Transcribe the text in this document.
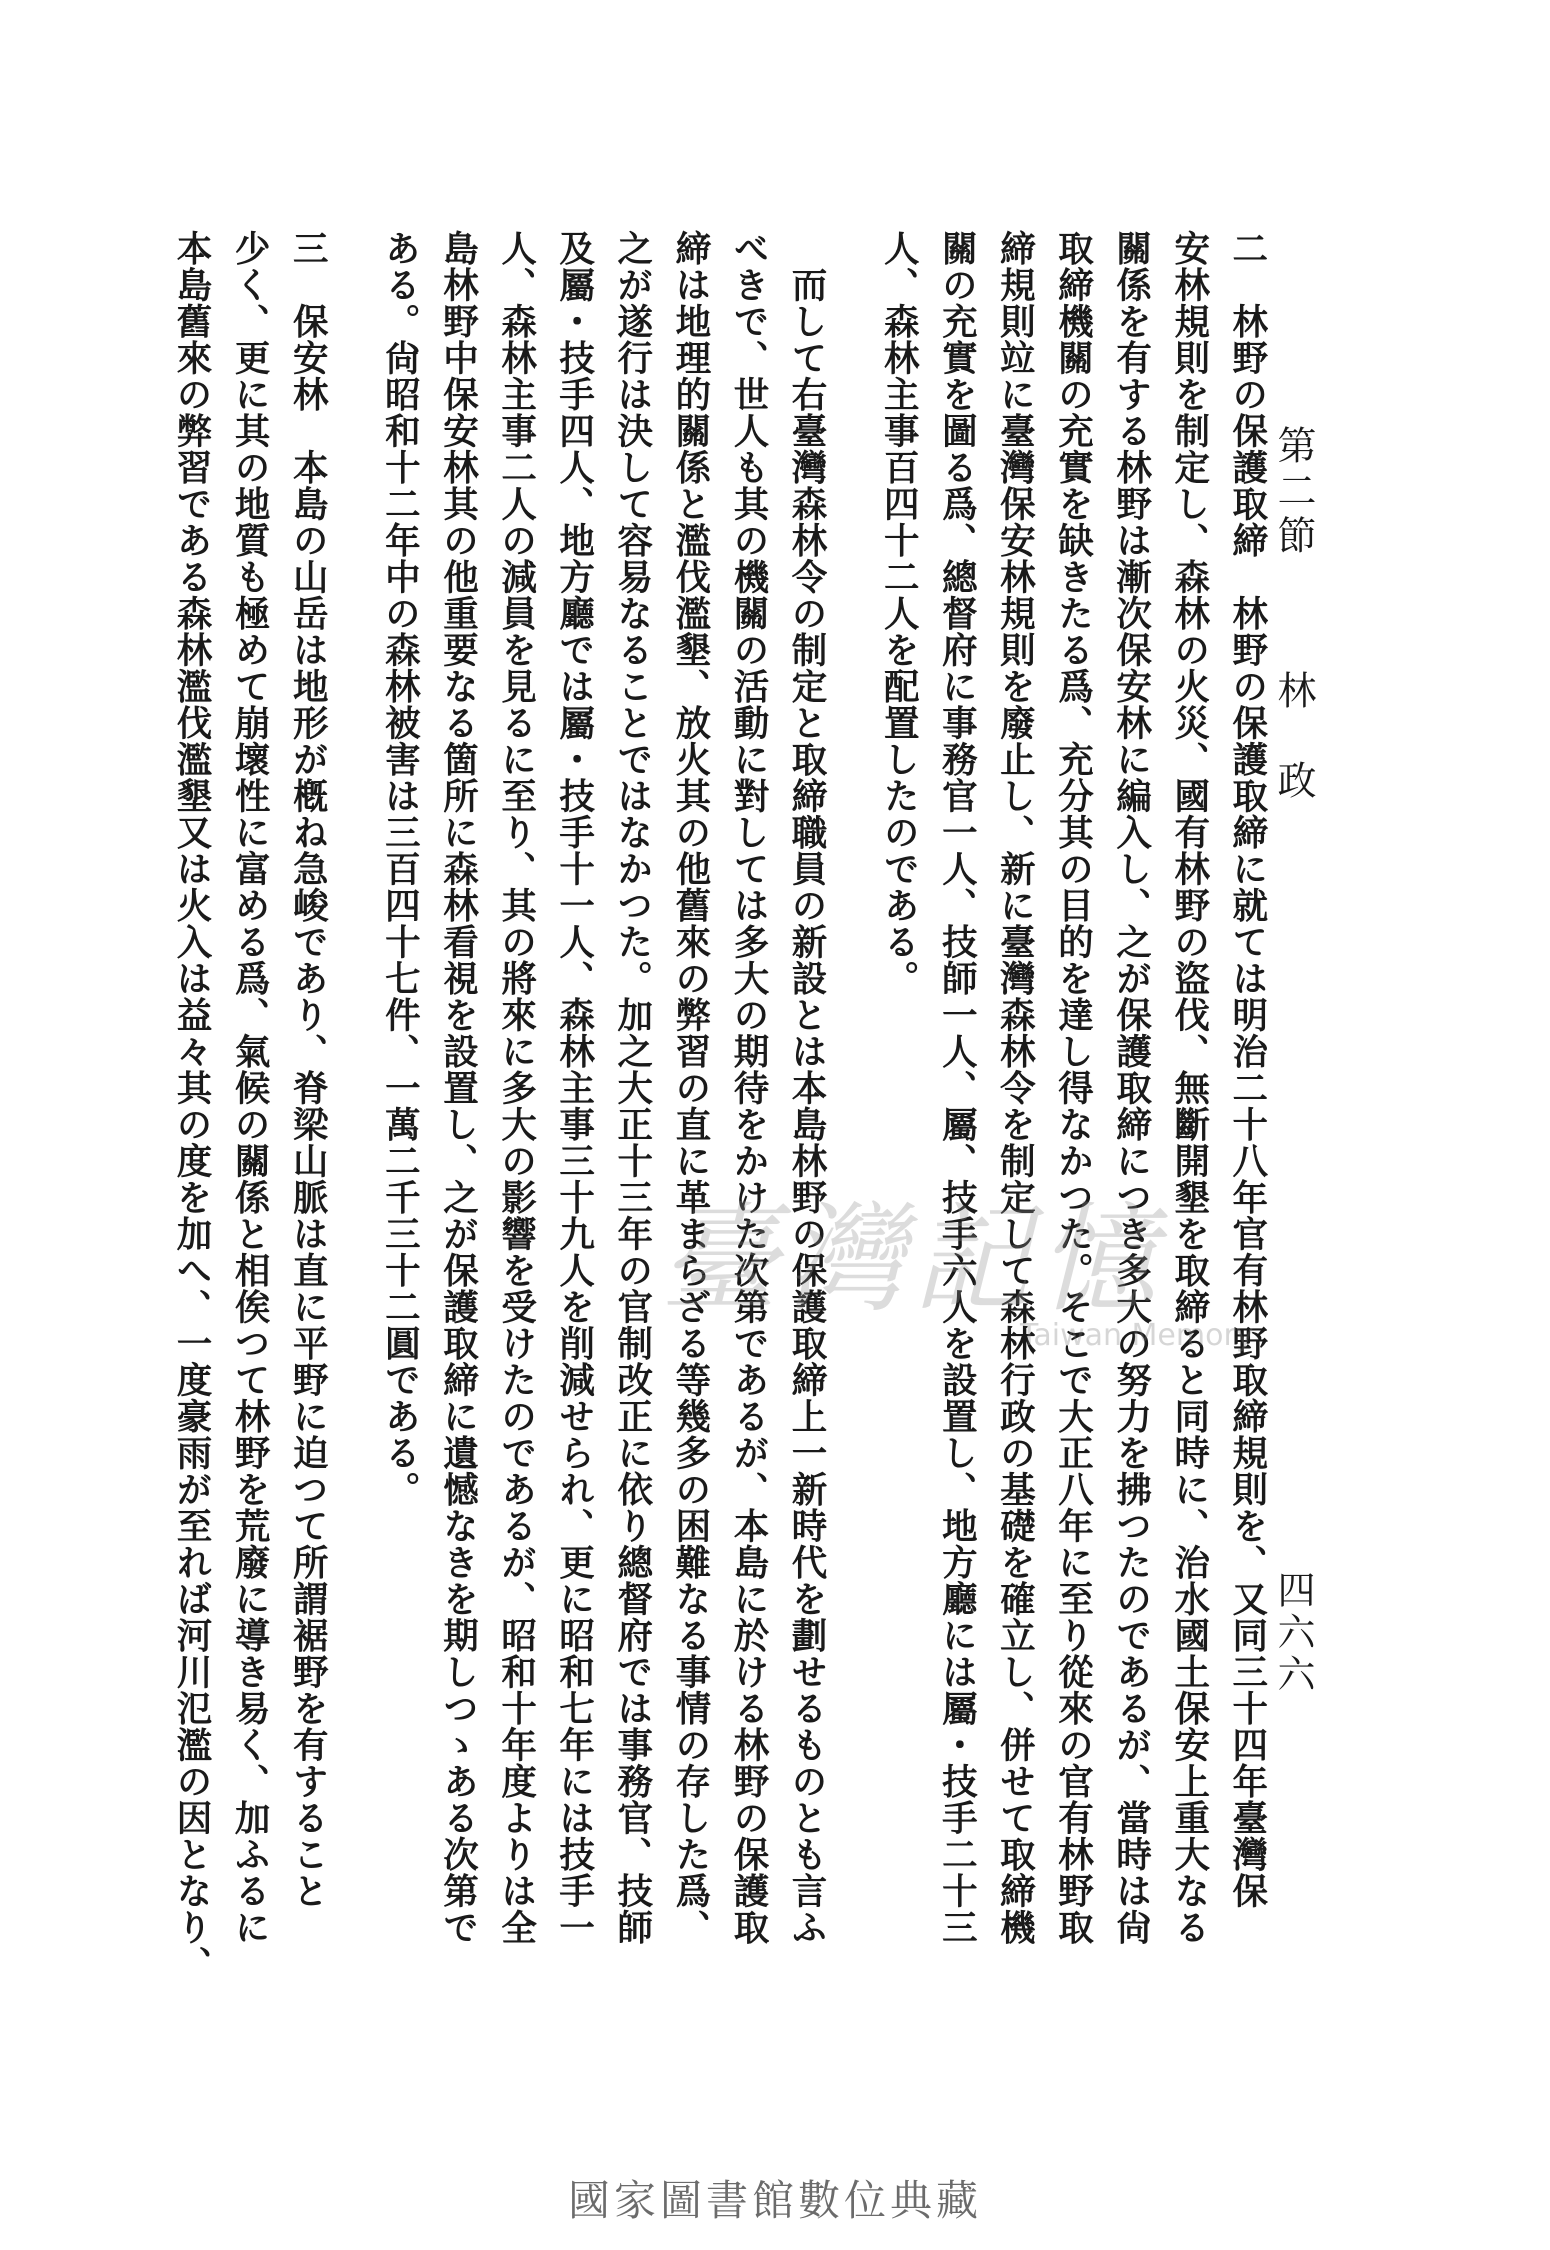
第二節
林　政
四六六
二　林野の保護取締　林野の保護取締に就ては明治二十八年官有林野取締規則を、又同三十四年臺灣保
安林規則を制定し、森林の火災、國有林野の盜伐、無斷開墾を取締ると同時に、治水國土保安上重大なる
關係を有する林野は漸次保安林に編入し、之が保護取締につき多大の努力を拂つたのであるが、當時は尙
取締機關の充實を缺きたる爲、充分其の目的を達し得なかつた。そこで大正八年に至り從來の官有林野取
締規則竝に臺灣保安林規則を廢止し、新に臺灣森林令を制定して森林行政の基礎を確立し、併せて取締機
關の充實を圖る爲、總督府に事務官一人、技師一人、屬、技手六人を設置し、地方廳には屬・技手二十三
人、森林主事百四十二人を配置したのである。
　而して右臺灣森林令の制定と取締職員の新設とは本島林野の保護取締上一新時代を劃せるものとも言ふ
べきで、世人も其の機關の活動に對しては多大の期待をかけた次第であるが、本島に於ける林野の保護取
締は地理的關係と濫伐濫墾、放火其の他舊來の弊習の直に革まらざる等幾多の困難なる事情の存した爲、
之が遂行は決して容易なることではなかつた。加之大正十三年の官制改正に依り總督府では事務官、技師
及屬・技手四人、地方廳では屬・技手十一人、森林主事三十九人を削減せられ、更に昭和七年には技手一
人、森林主事二人の減員を見るに至り、其の將來に多大の影響を受けたのであるが、昭和十年度よりは全
島林野中保安林其の他重要なる箇所に森林看視を設置し、之が保護取締に遺憾なきを期しつゝある次第で
ある。尙昭和十二年中の森林被害は三百四十七件、一萬二千三十二圓である。
三　保安林　本島の山岳は地形が槪ね急峻であり、脊梁山脈は直に平野に迫つて所謂裾野を有すること
少く、更に其の地質も極めて崩壞性に富める爲、氣候の關係と相俟つて林野を荒廢に導き易く、加ふるに
本島舊來の弊習である森林濫伐濫墾又は火入は益々其の度を加へ、一度豪雨が至れば河川氾濫の因となり、	臺灣記憶
Taiwan Memory
國家圖書館數位典藏
